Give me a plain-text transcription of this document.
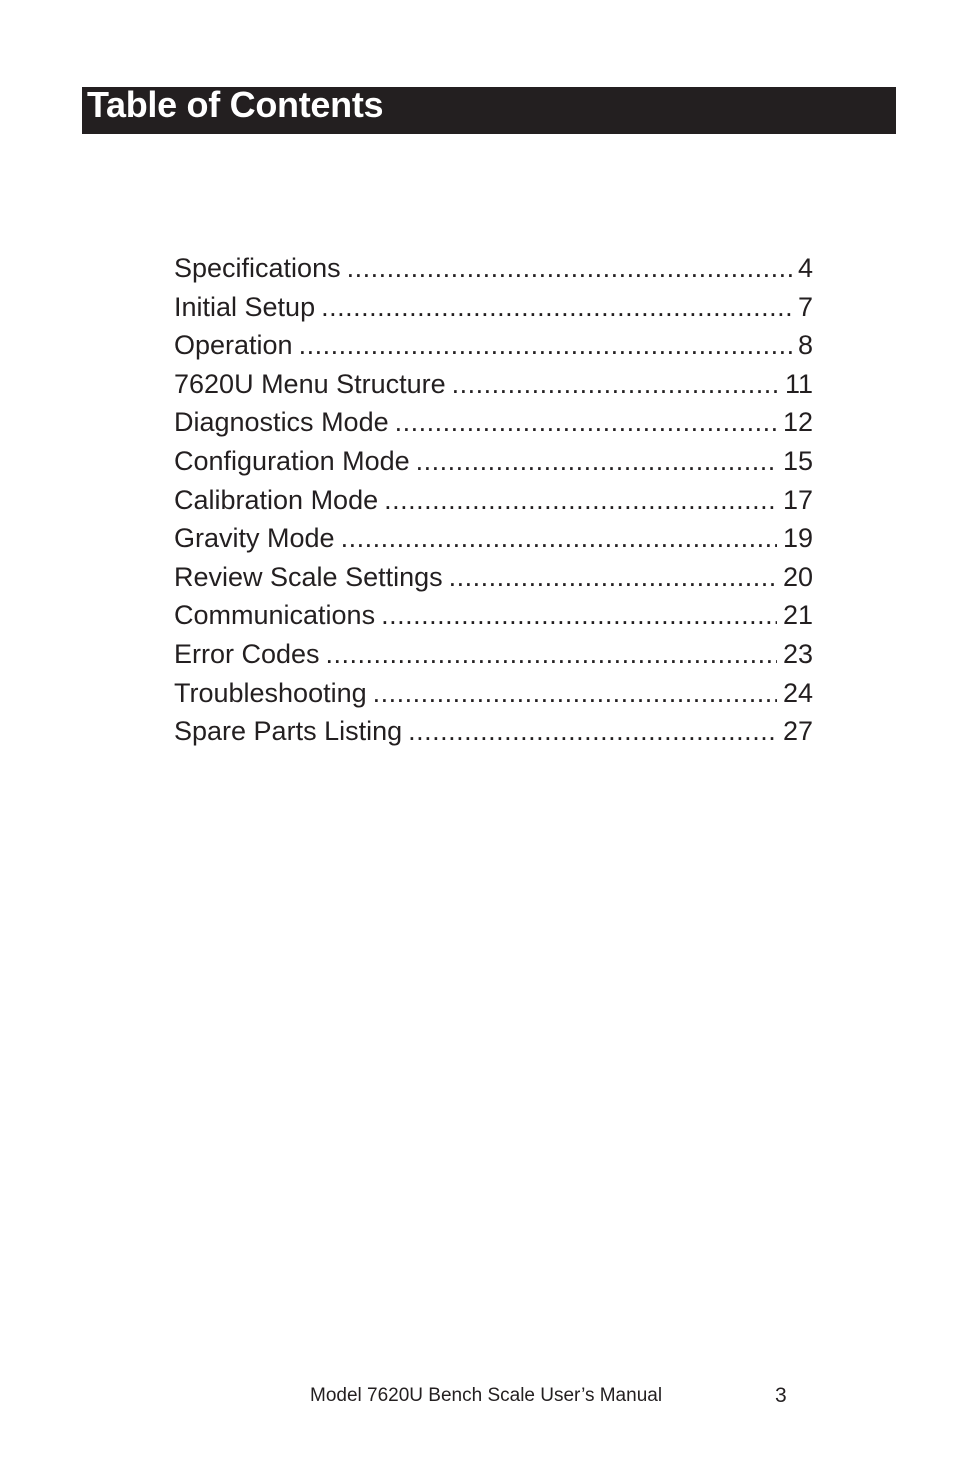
Table of Contents
Specifications .....	4
Initial Setup .....	7
Operation .....	8
7620U Menu Structure .....	11
Diagnostics Mode .....	12
Configuration Mode .....	15
Calibration Mode .....	17
Gravity Mode .....	19
Review Scale Settings .....	20
Communications .....	21
Error Codes .....	23
Troubleshooting .....	24
Spare Parts Listing .....	27
Model 7620U Bench Scale User’s Manual	3
